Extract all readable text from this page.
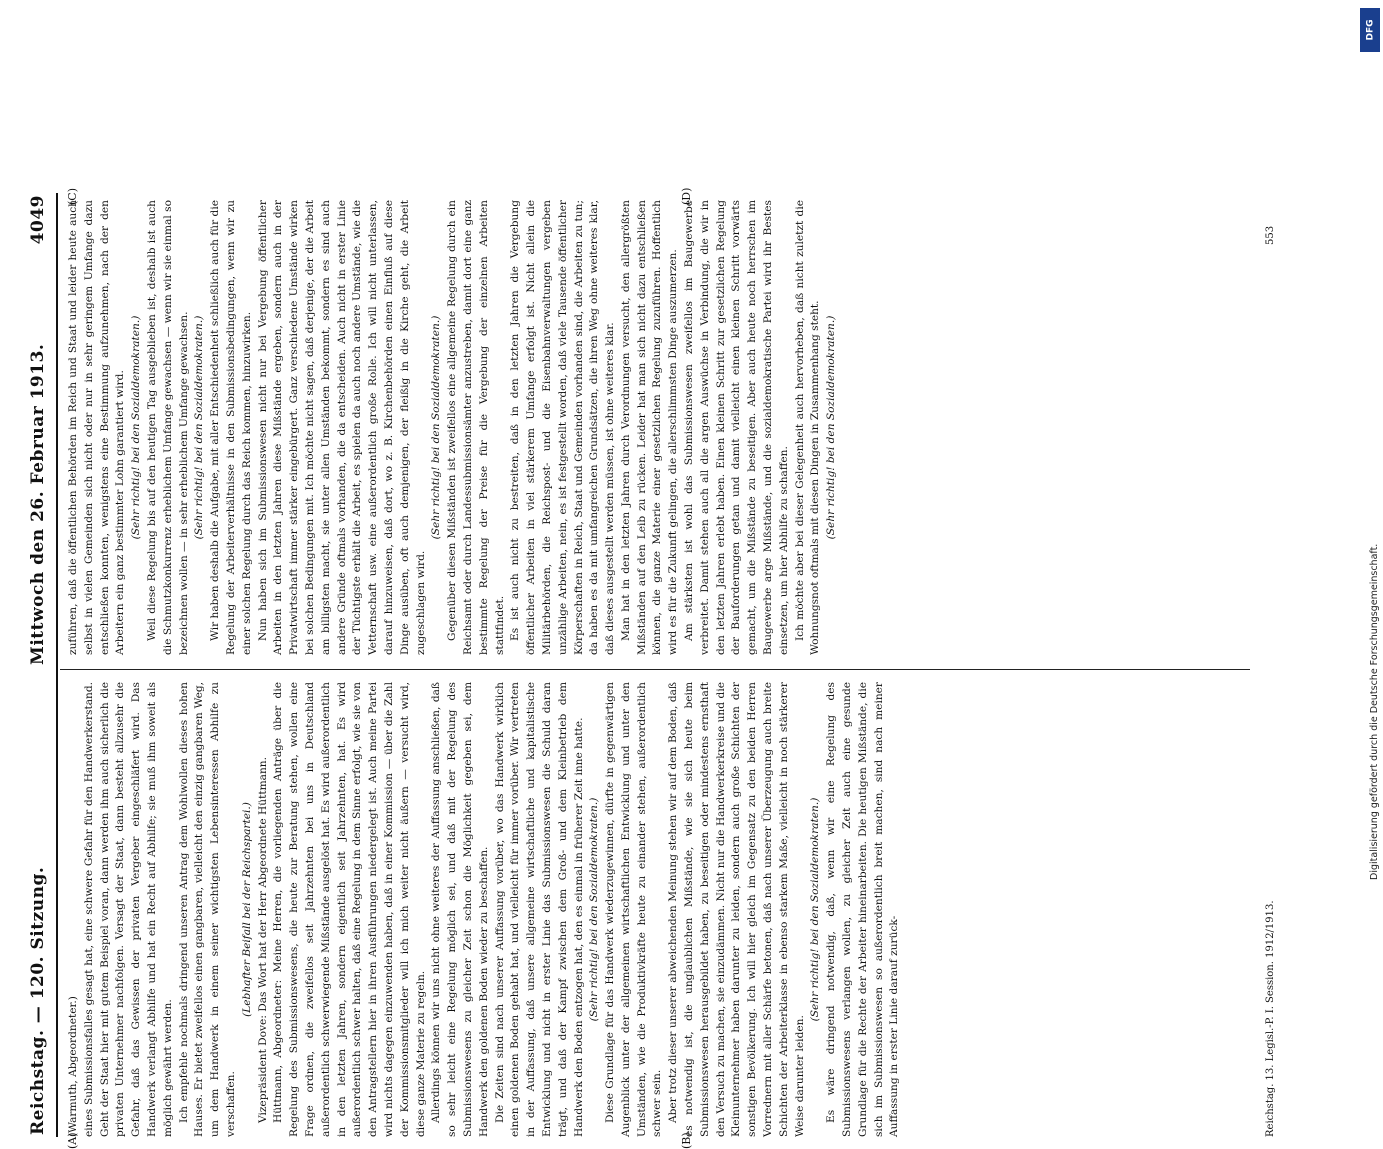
Reichstag. — 120. Sitzung.
Mittwoch den 26. Februar 1913.
4049

(Warmuth, Abgeordneter.) eines Submissionsfalles gesagt hat, eine schwere Gefahr für den Handwerkerstand. Geht der Staat hier mit gutem Beispiel voran, dann werden ihm auch sicherlich die privaten Unternehmer nachfolgen. Versagt der Staat, dann besteht allzusehr die Gefahr, daß das Gewissen der privaten Vergeber eingeschläfert wird. Das Handwerk verlangt Abhilfe und hat ein Recht auf Abhilfe; sie muß ihm soweit als möglich gewährt werden. Ich empfehle nochmals dringend unseren Antrag dem Wohlwollen dieses hohen Hauses. Er bietet zweifellos einen gangbaren, vielleicht den einzig gangbaren Weg, um dem Handwerk in einem seiner wichtigsten Lebensinteressen Abhilfe zu verschaffen.

(Lebhafter Beifall bei der Reichspartei.) Vizepräsident Dove: Das Wort hat der Herr Abgeordnete Hüttmann. Hüttmann, Abgeordneter: Meine Herren, die vorliegenden Anträge über die Regelung des Submissionswesens, die heute zur Beratung stehen, wollen eine Frage ordnen, die zweifellos seit Jahrzehnten bei uns in Deutschland außerordentlich schwerwiegende Mißstände ausgelöst hat. Es wird außerordentlich in den letzten Jahren, sondern eigentlich seit Jahrzehnten, hat. Es wird außerordentlich schwer halten, daß eine Regelung in dem Sinne erfolgt, wie sie von den Antragstellern hier in ihren Ausführungen niedergelegt ist. Auch meine Partei wird nichts dagegen einzuwenden haben, daß in einer Kommission — über die Zahl der Kommissionsmitglieder will ich mich weiter nicht äußern — versucht wird, diese ganze Materie zu regeln. Allerdings können wir uns nicht ohne weiteres der Auffassung anschließen, daß so sehr leicht eine Regelung möglich sei, und daß mit der Regelung des Submissionswesens zu gleicher Zeit schon die Möglichkeit gegeben sei, dem Handwerk den goldenen Boden wieder zu beschaffen. Die Zeiten sind nach unserer Auffassung vorüber, wo das Handwerk wirklich einen goldenen Boden gehabt hat, und vielleicht für immer vorüber. Wir vertreten in der Auffassung, daß unsere allgemeine wirtschaftliche und kapitalistische Entwicklung und nicht in erster Linie das Submissionswesen die Schuld daran trägt, und daß der Kampf zwischen dem Groß- und dem Kleinbetrieb dem Handwerk den Boden entzogen hat, den es einmal in früherer Zeit inne hatte. (Sehr richtig! bei den Sozialdemokraten.) Diese Grundlage für das Handwerk wiederzugewinnen, dürfte in gegenwärtigen Augenblick unter der allgemeinen wirtschaftlichen Entwicklung und unter den Umständen, wie die Produktivkräfte heute zu einander stehen, außerordentlich schwer sein. Aber trotz dieser unserer abweichenden Meinung stehen wir auf dem Boden, daß es notwendig ist, die unglaublichen Mißstände, wie sie sich heute beim Submissionswesen herausgebildet haben, zu beseitigen oder mindestens ernsthaft den Versuch zu machen, sie einzudämmen. Nicht nur die Handwerkerkreise und die Kleinunternehmer haben darunter zu leiden, sondern auch große Schichten der sonstigen Bevölkerung. Ich will hier gleich im Gegensatz zu den beiden Herren Vorrednern mit aller Schärfe betonen, daß nach unserer Überzeugung auch breite Schichten der Arbeiterklasse in ebenso starkem Maße, vielleicht in noch stärkerer Weise darunter leiden.

(Sehr richtig! bei den Sozialdemokraten.) Es wäre dringend notwendig, daß, wenn wir eine Regelung des Submissionswesens verlangen wollen, zu gleicher Zeit auch eine gesunde Grundlage für die Rechte der Arbeiter hineinarbeiten. Die heutigen Mißstände, die sich im Submissionswesen so außerordentlich breit machen, sind nach meiner Auffassung in erster Linie darauf zurück-

zuführen, daß die öffentlichen Behörden im Reich und Staat und leider heute auch selbst in vielen Gemeinden sich nicht oder nur in sehr geringem Umfange dazu entschließen konnten, wenigstens eine Bestimmung aufzunehmen, nach der den Arbeitern ein ganz bestimmter Lohn garantiert wird. (Sehr richtig! bei den Sozialdemokraten.) Weil diese Regelung bis auf den heutigen Tag ausgeblieben ist, deshalb ist auch die Schmutzkonkurrenz erheblichem Umfange gewachsen — wenn wir sie einmal so bezeichnen wollen — in sehr erheblichem Umfange gewachsen. (Sehr richtig! bei den Sozialdemokraten.) Wir haben deshalb die Aufgabe, mit aller Entschiedenheit schließlich auch für die Regelung der Arbeiterverhältnisse in den Submissionsbedingungen, wenn wir zu einer solchen Regelung durch das Reich kommen, hinzuwirken. Nun haben sich im Submissionswesen nicht nur bei Vergebung öffentlicher Arbeiten in den letzten Jahren diese Mißstände ergeben, sondern auch in der Privatwirtschaft immer stärker eingebürgert. Ganz verschiedene Umstände wirken bei solchen Bedingungen mit. Ich möchte nicht sagen, daß derjenige, der die Arbeit am billigsten macht, sie unter allen Umständen bekommt, sondern es sind auch andere Gründe oftmals vorhanden, die da entscheiden. Auch nicht in erster Linie der Tüchtigste erhält die Arbeit, es spielen da auch noch andere Umstände, wie die Vetternschaft usw. eine außerordentlich große Rolle. Ich will nicht unterlassen, darauf hinzuweisen, daß dort, wo z. B. Kirchenbehörden einen Einfluß auf diese Dinge ausüben, oft auch demjenigen, der fleißig in die Kirche geht, die Arbeit zugeschlagen wird.

(Sehr richtig! bei den Sozialdemokraten.) Gegenüber diesen Mißständen ist zweifellos eine allgemeine Regelung durch ein Reichsamt oder durch Landessubmissionsämter anzustreben, damit dort eine ganz bestimmte Regelung der Preise für die Vergebung der einzelnen Arbeiten stattfindet. Es ist auch nicht zu bestreiten, daß in den letzten Jahren die Vergebung öffentlicher Arbeiten in viel stärkerem Umfange erfolgt ist. Nicht allein die Militärbehörden, die Reichspost- und die Eisenbahnverwaltungen vergeben unzählige Arbeiten, nein, es ist festgestellt worden, daß viele Tausende öffentlicher Körperschaften in Reich, Staat und Gemeinden vorhanden sind, die Arbeiten zu tun; da haben es da mit umfangreichen Grundsätzen, die ihren Weg ohne weiteres klar, daß dieses ausgestellt werden müssen, ist ohne weiteres klar. Man hat in den letzten Jahren durch Verordnungen versucht, den allergrößten Mißständen auf den Leib zu rücken. Leider hat man sich nicht dazu entschließen können, die ganze Materie einer gesetzlichen Regelung zuzuführen. Hoffentlich wird es für die Zukunft gelingen, die allerschlimmsten Dinge auszumerzen. Am stärksten ist wohl das Submissionswesen zweifellos im Baugewerbe verbreitet. Damit stehen auch all die argen Auswüchse in Verbindung, die wir in den letzten Jahren erlebt haben. Einen kleinen Schritt zur gesetzlichen Regelung der Bauforderungen getan und damit vielleicht einen kleinen Schritt vorwärts gemacht, um die Mißstände zu beseitigen. Aber auch heute noch herrschen im Baugewerbe arge Mißstände, und die sozialdemokratische Partei wird ihr Bestes einsetzen, um hier Abhilfe zu schaffen. Ich möchte aber bei dieser Gelegenheit auch hervorheben, daß nicht zuletzt die Wohnungsnot oftmals mit diesen Dingen in Zusammenhang steht. (Sehr richtig! bei den Sozialdemokraten.)

(A)	(B)
(C)	(D)
Reichstag. 13. Legisl.-P. I. Session. 1912/1913.
553
DFG
Digitalisierung gefördert durch die Deutsche Forschungsgemeinschaft.
